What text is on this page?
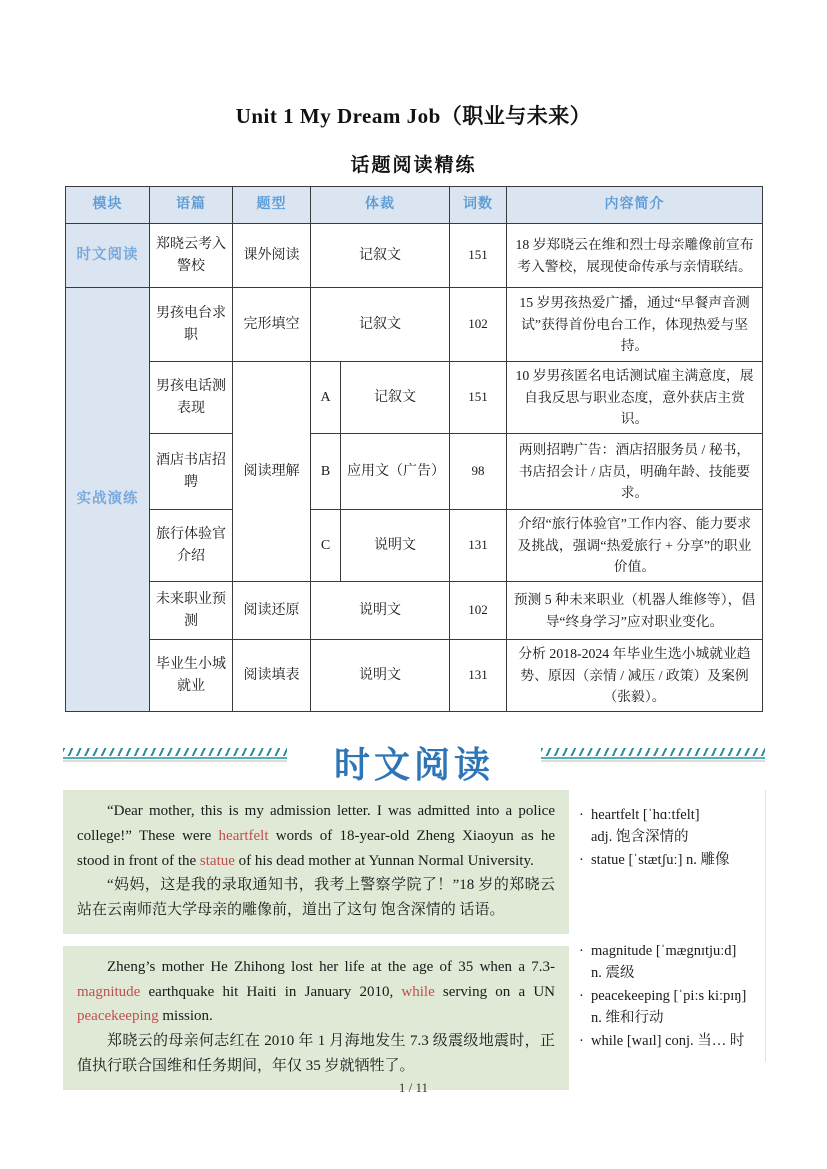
Unit 1 My Dream Job（职业与未来）
话题阅读精练
模块	语篇	题型	体裁		词数	内容简介
时文阅读	郑晓云考入警校	课外阅读	记叙文		151	18 岁郑晓云在维和烈士母亲雕像前宣布考入警校，展现使命传承与亲情联结。
实战演练	男孩电台求职	完形填空	记叙文		102	15 岁男孩热爱广播，通过“早餐声音测试”获得首份电台工作，体现热爱与坚持。
	男孩电话测表现	阅读理解	A	记叙文	151	10 岁男孩匿名电话测试雇主满意度，展自我反思与职业态度，意外获店主赏识。
	酒店书店招聘		B	应用文（广告）	98	两则招聘广告：酒店招服务员 / 秘书，书店招会计 / 店员，明确年龄、技能要求。
	旅行体验官介绍		C	说明文	131	介绍“旅行体验官”工作内容、能力要求及挑战，强调“热爱旅行 + 分享”的职业价值。
	未来职业预测	阅读还原	说明文		102	预测 5 种未来职业（机器人维修等），倡导“终身学习”应对职业变化。
	毕业生小城就业	阅读填表	说明文		131	分析 2018-2024 年毕业生选小城就业趋势、原因（亲情 / 减压 / 政策）及案例（张毅）。
时文阅读

“Dear mother, this is my admission letter. I was admitted into a police college!” These were heartfelt words of 18-year-old Zheng Xiaoyun as he stood in front of the statue of his dead mother at Yunnan Normal University.

“妈妈，这是我的录取通知书，我考上警察学院了！”18 岁的郑晓云站在云南师范大学母亲的雕像前，道出了这句 饱含深情的 话语。

Zheng’s mother He Zhihong lost her life at the age of 35 when a 7.3-magnitude earthquake hit Haiti in January 2010, while serving on a UN peacekeeping mission.

郑晓云的母亲何志红在 2010 年 1 月海地发生 7.3 级震级地震时，正值执行联合国维和任务期间，年仅 35 岁就牺牲了。

· heartfelt [ˈhɑːtfelt]
adj. 饱含深情的
· statue [ˈstætʃuː] n. 雕像
· magnitude [ˈmægnɪtjuːd]
n. 震级
· peacekeeping [ˈpiːs kiːpɪŋ]
n. 维和行动
· while [waɪl] conj. 当… 时
1 / 11
